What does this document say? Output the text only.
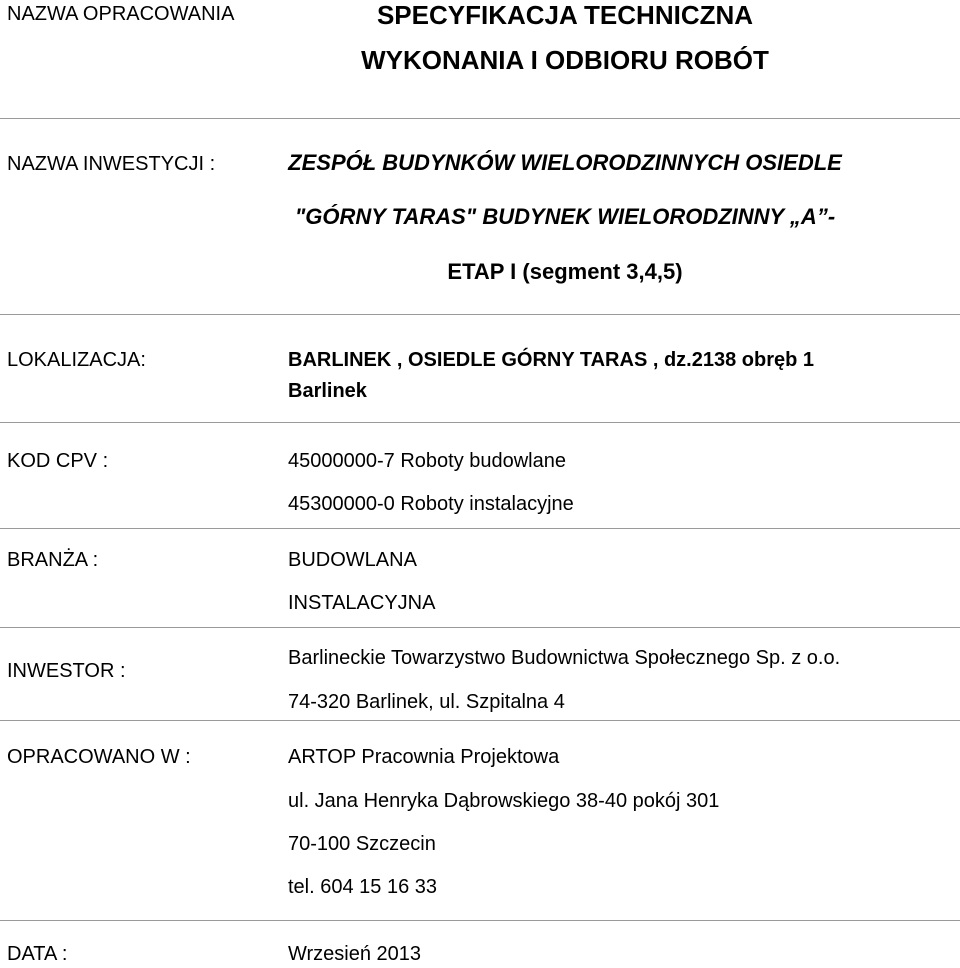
NAZWA OPRACOWANIA	SPECYFIKACJA TECHNICZNA
WYKONANIA I ODBIORU ROBÓT
NAZWA INWESTYCJI :	ZESPÓŁ BUDYNKÓW WIELORODZINNYCH OSIEDLE
"GÓRNY TARAS" BUDYNEK WIELORODZINNY „A”-
ETAP I (segment 3,4,5)
LOKALIZACJA:	BARLINEK , OSIEDLE GÓRNY TARAS , dz.2138 obręb 1
Barlinek
KOD CPV :	45000000-7 Roboty budowlane
45300000-0 Roboty instalacyjne
BRANŻA :	BUDOWLANA
INSTALACYJNA
INWESTOR :
Barlineckie Towarzystwo Budownictwa Społecznego Sp. z o.o.
74-320 Barlinek, ul. Szpitalna 4
OPRACOWANO W :	ARTOP Pracownia Projektowa
ul. Jana Henryka Dąbrowskiego 38-40 pokój 301
70-100 Szczecin
tel. 604 15 16 33
DATA :	Wrzesień 2013
